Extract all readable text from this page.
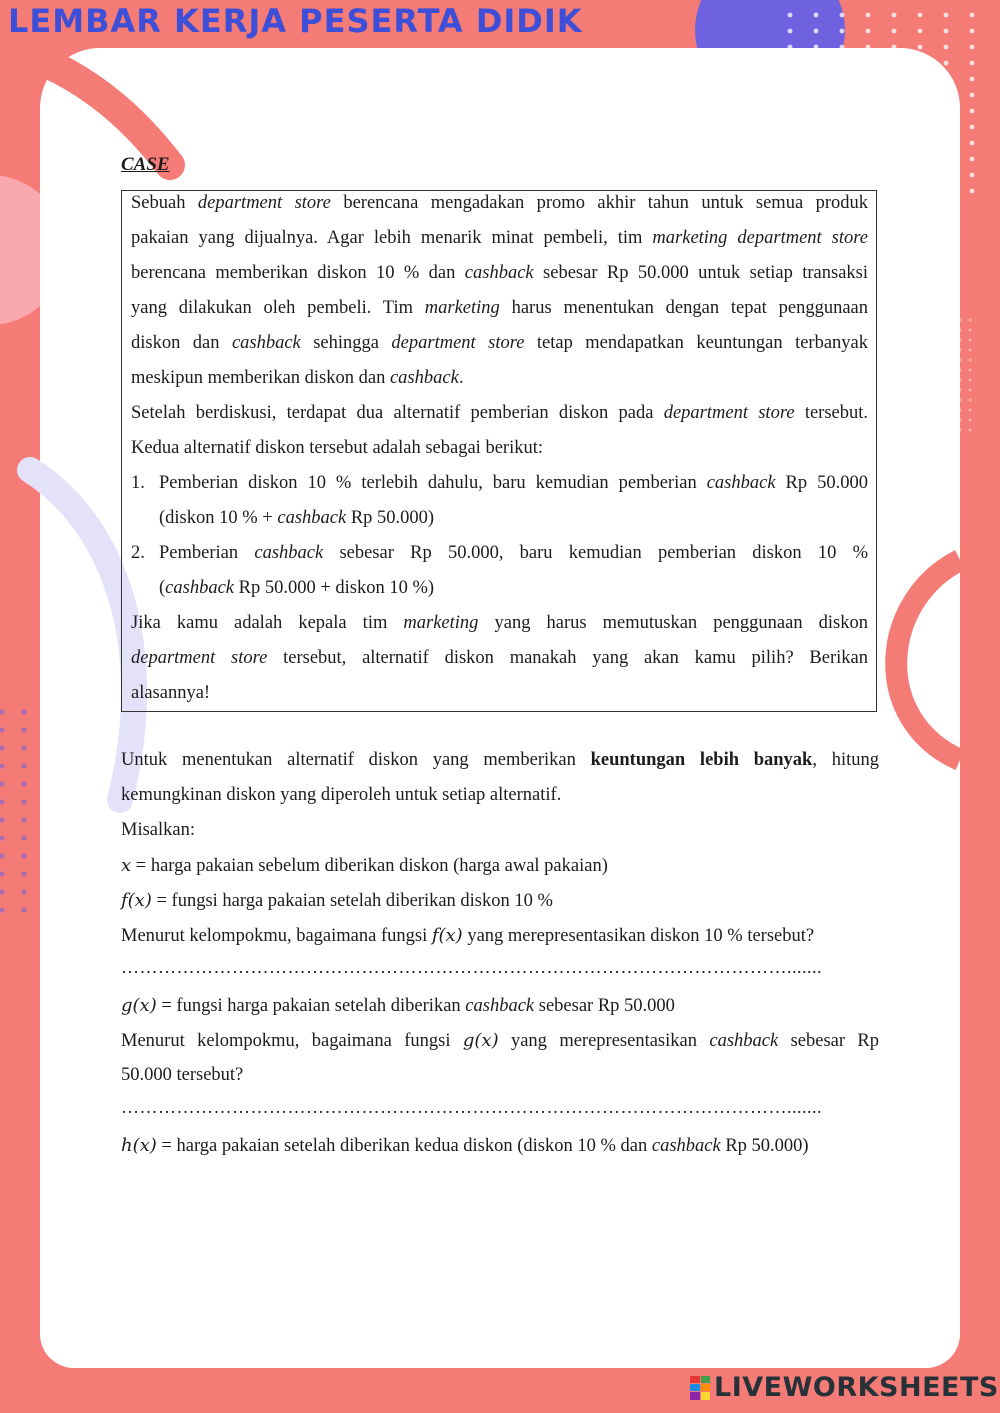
LEMBAR KERJA PESERTA DIDIK
CASE
Sebuah department store berencana mengadakan promo akhir tahun untuk semua produk
pakaian yang dijualnya. Agar lebih menarik minat pembeli, tim marketing department store
berencana memberikan diskon 10 % dan cashback sebesar Rp 50.000 untuk setiap transaksi
yang dilakukan oleh pembeli. Tim marketing harus menentukan dengan tepat penggunaan
diskon dan cashback sehingga department store tetap mendapatkan keuntungan terbanyak
meskipun memberikan diskon dan cashback.
Setelah berdiskusi, terdapat dua alternatif pemberian diskon pada department store tersebut.
Kedua alternatif diskon tersebut adalah sebagai berikut:
1. Pemberian diskon 10 % terlebih dahulu, baru kemudian pemberian cashback Rp 50.000
(diskon 10 % + cashback Rp 50.000)
2. Pemberian cashback sebesar Rp 50.000, baru kemudian pemberian diskon 10 %
(cashback Rp 50.000 + diskon 10 %)
Jika kamu adalah kepala tim marketing yang harus memutuskan penggunaan diskon
department store tersebut, alternatif diskon manakah yang akan kamu pilih? Berikan
alasannya!
Untuk menentukan alternatif diskon yang memberikan keuntungan lebih banyak, hitung
kemungkinan diskon yang diperoleh untuk setiap alternatif.
Misalkan:
x = harga pakaian sebelum diberikan diskon (harga awal pakaian)
f(x) = fungsi harga pakaian setelah diberikan diskon 10 %
Menurut kelompokmu, bagaimana fungsi f(x) yang merepresentasikan diskon 10 % tersebut?
……………………………………………………………………………………………….......
g(x) = fungsi harga pakaian setelah diberikan cashback sebesar Rp 50.000
Menurut kelompokmu, bagaimana fungsi g(x) yang merepresentasikan cashback sebesar Rp
50.000 tersebut?
……………………………………………………………………………………………….......
h(x) = harga pakaian setelah diberikan kedua diskon (diskon 10 % dan cashback Rp 50.000)
LIVEWORKSHEETS
